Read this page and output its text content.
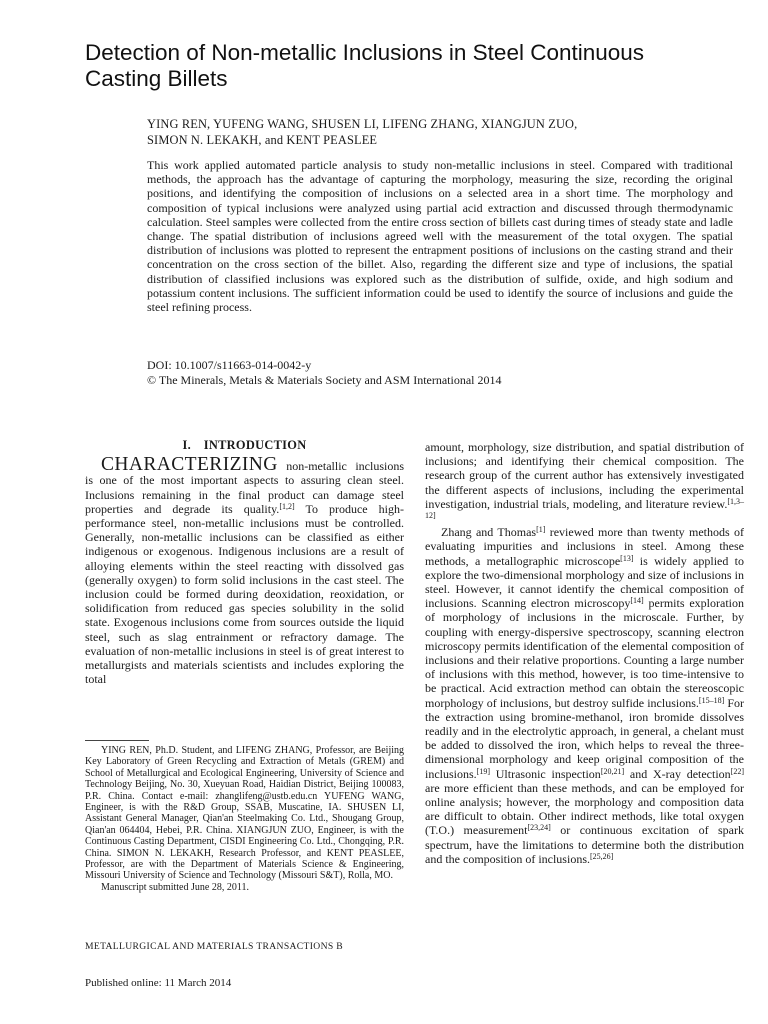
Detection of Non-metallic Inclusions in Steel Continuous
Casting Billets
YING REN, YUFENG WANG, SHUSEN LI, LIFENG ZHANG, XIANGJUN ZUO,
SIMON N. LEKAKH, and KENT PEASLEE

This work applied automated particle analysis to study non-metallic inclusions in steel. Compared with traditional methods, the approach has the advantage of capturing the morphology, measuring the size, recording the original positions, and identifying the composition of inclusions on a selected area in a short time. The morphology and composition of typical inclusions were analyzed using partial acid extraction and discussed through thermodynamic calculation. Steel samples were collected from the entire cross section of billets cast during times of steady state and ladle change. The spatial distribution of inclusions agreed well with the measurement of the total oxygen. The spatial distribution of inclusions was plotted to represent the entrapment positions of inclusions on the casting strand and their concentration on the cross section of the billet. Also, regarding the different size and type of inclusions, the spatial distribution of classified inclusions was explored such as the distribution of sulfide, oxide, and high sodium and potassium content inclusions. The sufficient information could be used to identify the source of inclusions and guide the steel refining process.

DOI: 10.1007/s11663-014-0042-y
© The Minerals, Metals & Materials Society and ASM International 2014
I. INTRODUCTION

CHARACTERIZING non-metallic inclusions is one of the most important aspects to assuring clean steel. Inclusions remaining in the final product can damage steel properties and degrade its quality.[1,2] To produce high-performance steel, non-metallic inclusions must be controlled. Generally, non-metallic inclusions can be classified as either indigenous or exogenous. Indigenous inclusions are a result of alloying elements within the steel reacting with dissolved gas (generally oxygen) to form solid inclusions in the cast steel. The inclusion could be formed during deoxidation, reoxidation, or solidification from reduced gas species solubility in the solid state. Exogenous inclusions come from sources outside the liquid steel, such as slag entrainment or refractory damage. The evaluation of non-metallic inclusions in steel is of great interest to metallurgists and materials scientists and includes exploring the total

amount, morphology, size distribution, and spatial distribution of inclusions; and identifying their chemical composition. The research group of the current author has extensively investigated the different aspects of inclusions, including the experimental investigation, industrial trials, modeling, and literature review.[1,3–12]

Zhang and Thomas[1] reviewed more than twenty methods of evaluating impurities and inclusions in steel. Among these methods, a metallographic microscope[13] is widely applied to explore the two-dimensional morphology and size of inclusions in steel. However, it cannot identify the chemical composition of inclusions. Scanning electron microscopy[14] permits exploration of morphology of inclusions in the microscale. Further, by coupling with energy-dispersive spectroscopy, scanning electron microscopy permits identification of the elemental composition of inclusions and their relative proportions. Counting a large number of inclusions with this method, however, is too time-intensive to be practical. Acid extraction method can obtain the stereoscopic morphology of inclusions, but destroy sulfide inclusions.[15–18] For the extraction using bromine-methanol, iron bromide dissolves readily and in the electrolytic approach, in general, a chelant must be added to dissolved the iron, which helps to reveal the three-dimensional morphology and keep original composition of the inclusions.[19] Ultrasonic inspection[20,21] and X-ray detection[22] are more efficient than these methods, and can be employed for online analysis; however, the morphology and composition data are difficult to obtain. Other indirect methods, like total oxygen (T.O.) measurement[23,24] or continuous excitation of spark spectrum, have the limitations to determine both the distribution and the composition of inclusions.[25,26]

YING REN, Ph.D. Student, and LIFENG ZHANG, Professor, are Beijing Key Laboratory of Green Recycling and Extraction of Metals (GREM) and School of Metallurgical and Ecological Engineering, University of Science and Technology Beijing, No. 30, Xueyuan Road, Haidian District, Beijing 100083, P.R. China. Contact e-mail: zhanglifeng@ustb.edu.cn YUFENG WANG, Engineer, is with the R&D Group, SSAB, Muscatine, IA. SHUSEN LI, Assistant General Manager, Qian'an Steelmaking Co. Ltd., Shougang Group, Qian'an 064404, Hebei, P.R. China. XIANGJUN ZUO, Engineer, is with the Continuous Casting Department, CISDI Engineering Co. Ltd., Chongqing, P.R. China. SIMON N. LEKAKH, Research Professor, and KENT PEASLEE, Professor, are with the Department of Materials Science & Engineering, Missouri University of Science and Technology (Missouri S&T), Rolla, MO.

Manuscript submitted June 28, 2011.

METALLURGICAL AND MATERIALS TRANSACTIONS B
Published online: 11 March 2014
